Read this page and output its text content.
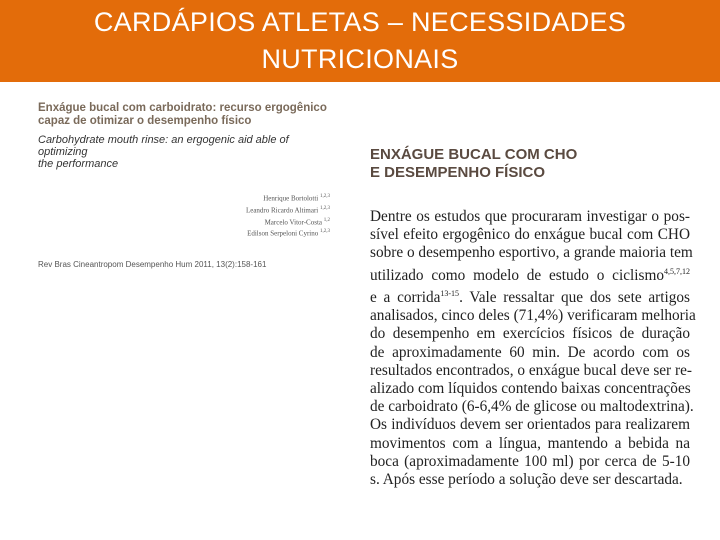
CARDÁPIOS ATLETAS – NECESSIDADES
NUTRICIONAIS

Enxágue bucal com carboidrato: recurso ergogênico
capaz de otimizar o desempenho físico

Carbohydrate mouth rinse: an ergogenic aid able of optimizing
the performance

Henrique Bortolotti $^{1,2,3}$
Leandro Ricardo Altimari $^{1,2,3}$
Marcelo Vitor-Costa $^{1,2}$
Edilson Serpeloni Cyrino $^{1,2,3}$
Rev Bras Cineantropom Desempenho Hum 2011, 13(2):158-161
ENXÁGUE BUCAL COM CHO
E DESEMPENHO FÍSICO
Dentre os estudos que procuraram investigar o pos-
sível efeito ergogênico do enxágue bucal com CHO
sobre o desempenho esportivo, a grande maioria tem
utilizado como modelo de estudo o ciclismo$^{4,5,7,12}$
e a corrida$^{13-15}$. Vale ressaltar que dos sete artigos
analisados, cinco deles (71,4%) verificaram melhoria
do desempenho em exercícios físicos de duração
de aproximadamente 60 min. De acordo com os
resultados encontrados, o enxágue bucal deve ser re-
alizado com líquidos contendo baixas concentrações
de carboidrato (6-6,4% de glicose ou maltodextrina).
Os indivíduos devem ser orientados para realizarem
movimentos com a língua, mantendo a bebida na
boca (aproximadamente 100 ml) por cerca de 5-10
s. Após esse período a solução deve ser descartada.
